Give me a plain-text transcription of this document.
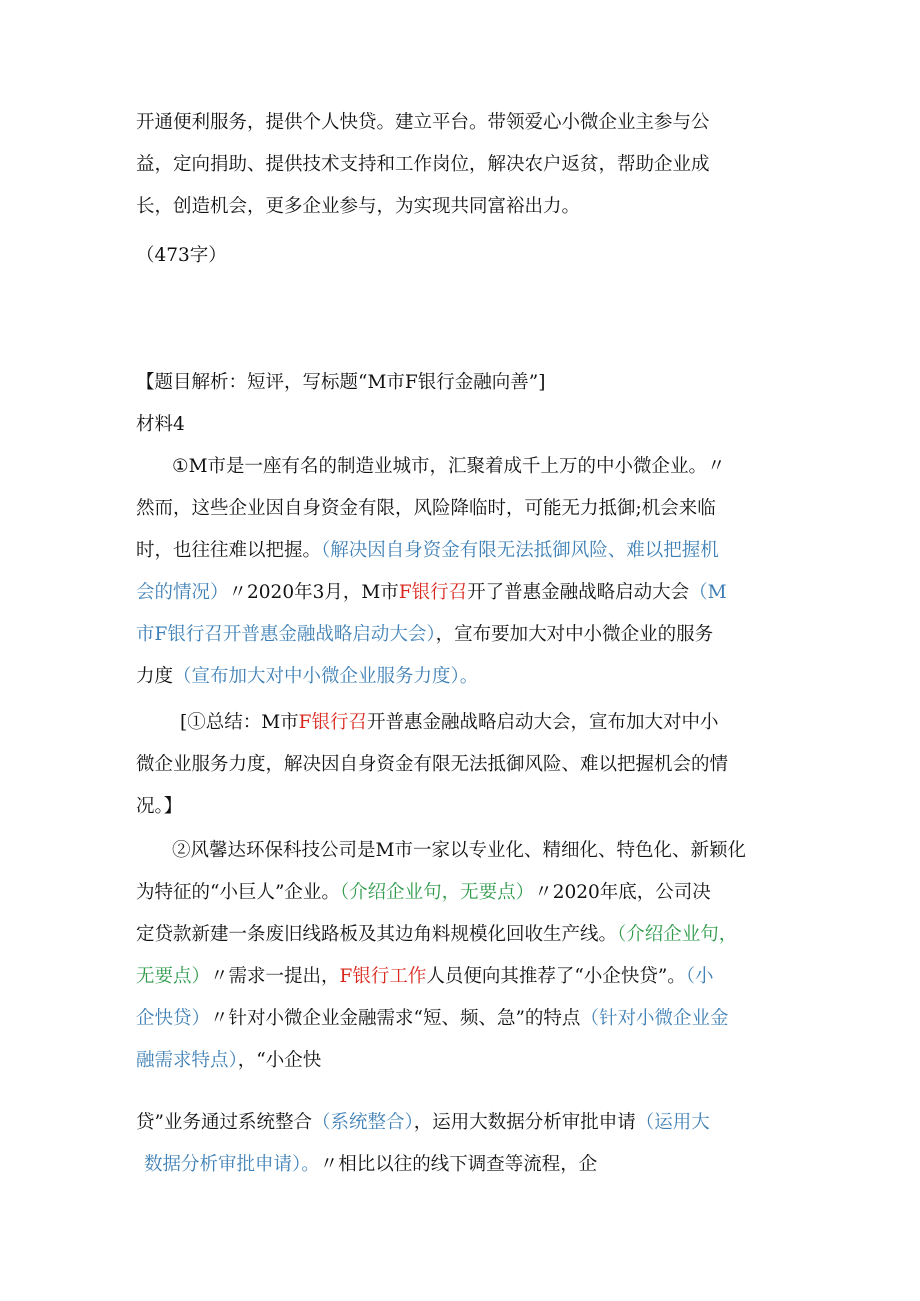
开通便利服务，提供个人快贷。建立平台。带领爱心小微企业主参与公
益，定向捐助、提供技术支持和工作岗位，解决农户返贫，帮助企业成
长，创造机会，更多企业参与，为实现共同富裕出力。
（473字）
【题目解析：短评，写标题“M市F银行金融向善”]
材料4
①M市是一座有名的制造业城市，汇聚着成千上万的中小微企业。〃
然而，这些企业因自身资金有限，风险降临时，可能无力抵御;机会来临
时，也往往难以把握。（解决因自身资金有限无法抵御风险、难以把握机
会的情况）〃2020年3月，M市F银行召开了普惠金融战略启动大会（M
市F银行召开普惠金融战略启动大会），宣布要加大对中小微企业的服务
力度（宣布加大对中小微企业服务力度）。
[①总结：M市F银行召开普惠金融战略启动大会，宣布加大对中小
微企业服务力度，解决因自身资金有限无法抵御风险、难以把握机会的情
况。】
②风馨达环保科技公司是M市一家以专业化、精细化、特色化、新颖化
为特征的“小巨人”企业。（介绍企业句，无要点）〃2020年底，公司决
定贷款新建一条废旧线路板及其边角料规模化回收生产线。（介绍企业句，
无要点）〃需求一提出，F银行工作人员便向其推荐了“小企快贷”。（小
企快贷）〃针对小微企业金融需求“短、频、急”的特点（针对小微企业金
融需求特点），“小企快
贷”业务通过系统整合（系统整合），运用大数据分析审批申请（运用大
数据分析审批申请）。〃相比以往的线下调查等流程，企
